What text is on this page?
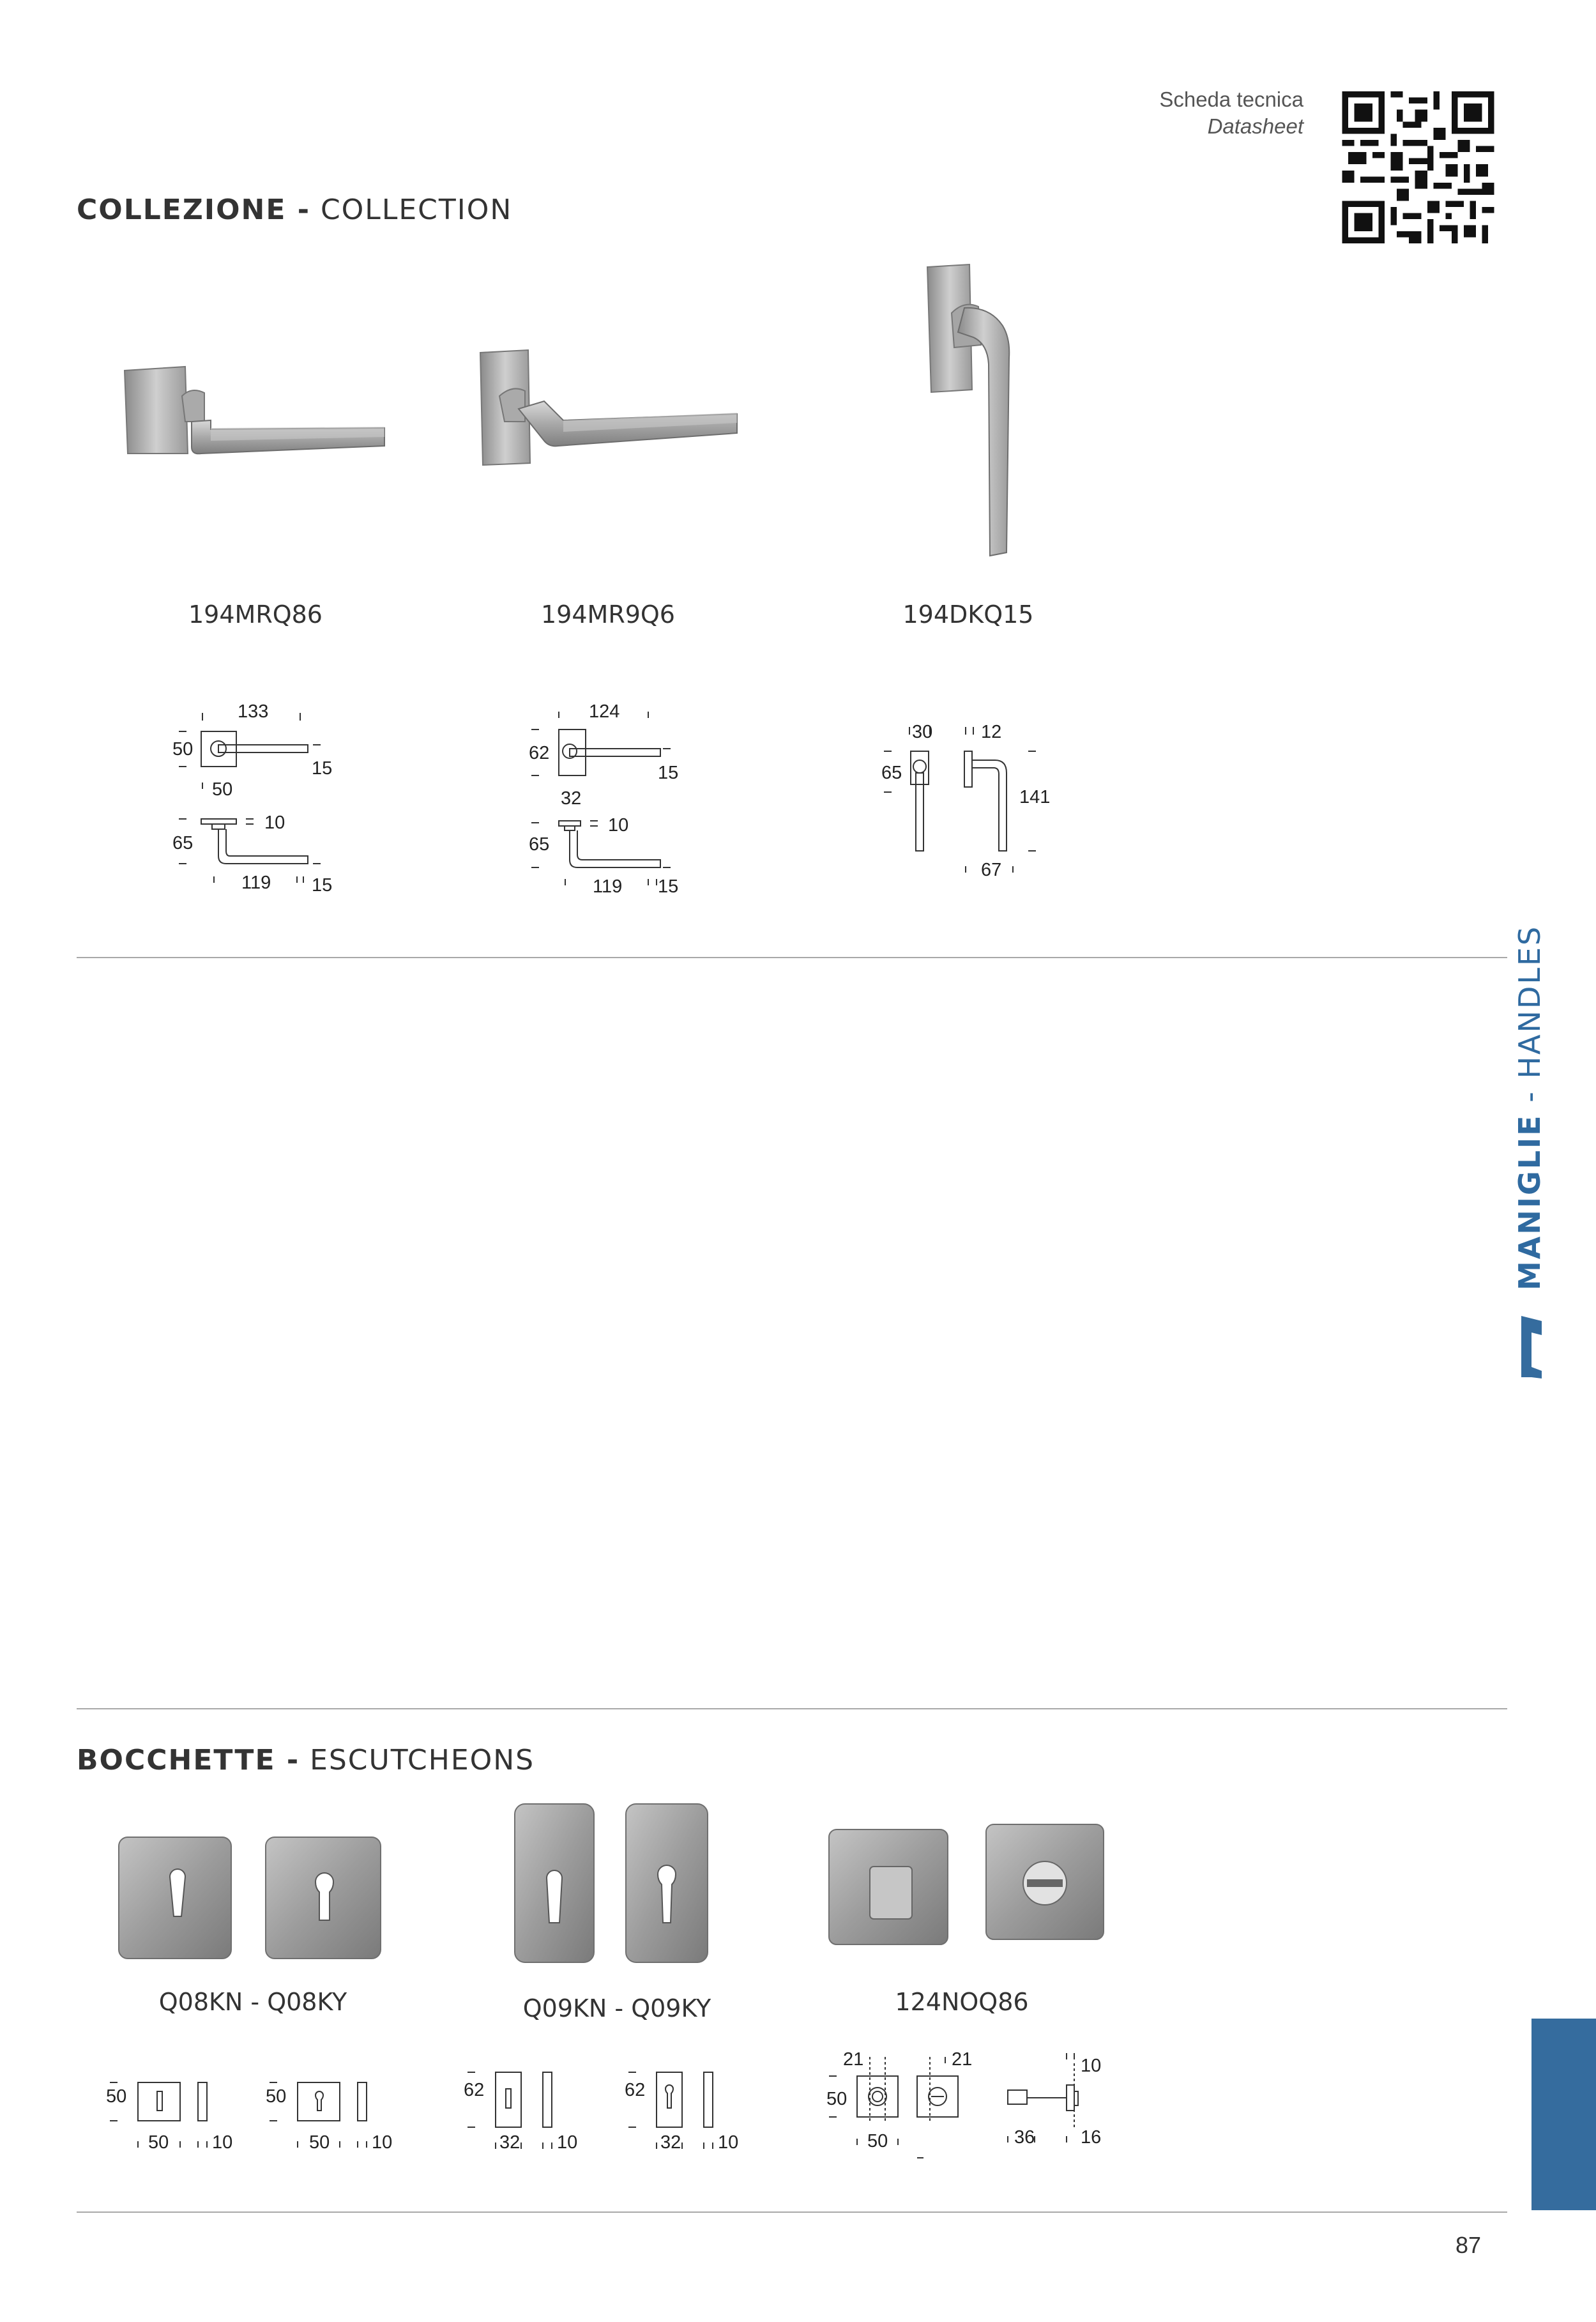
Scheda tecnica
Datasheet
COLLEZIONE - COLLECTION
194MRQ86	194MR9Q6	194DKQ15
133
50
15
50
10
65
119 15
124
62
15
32
10
65
119 15
30	12
65
141
67
MANIGLIE - HANDLES
BOCCHETTE - ESCUTCHEONS
Q08KN - Q08KY	Q09KN - Q09KY	124NOQ86
50
50 10
50
50 10
62
32 10
62
32 10
21	21	10
50
50	36 16
87
